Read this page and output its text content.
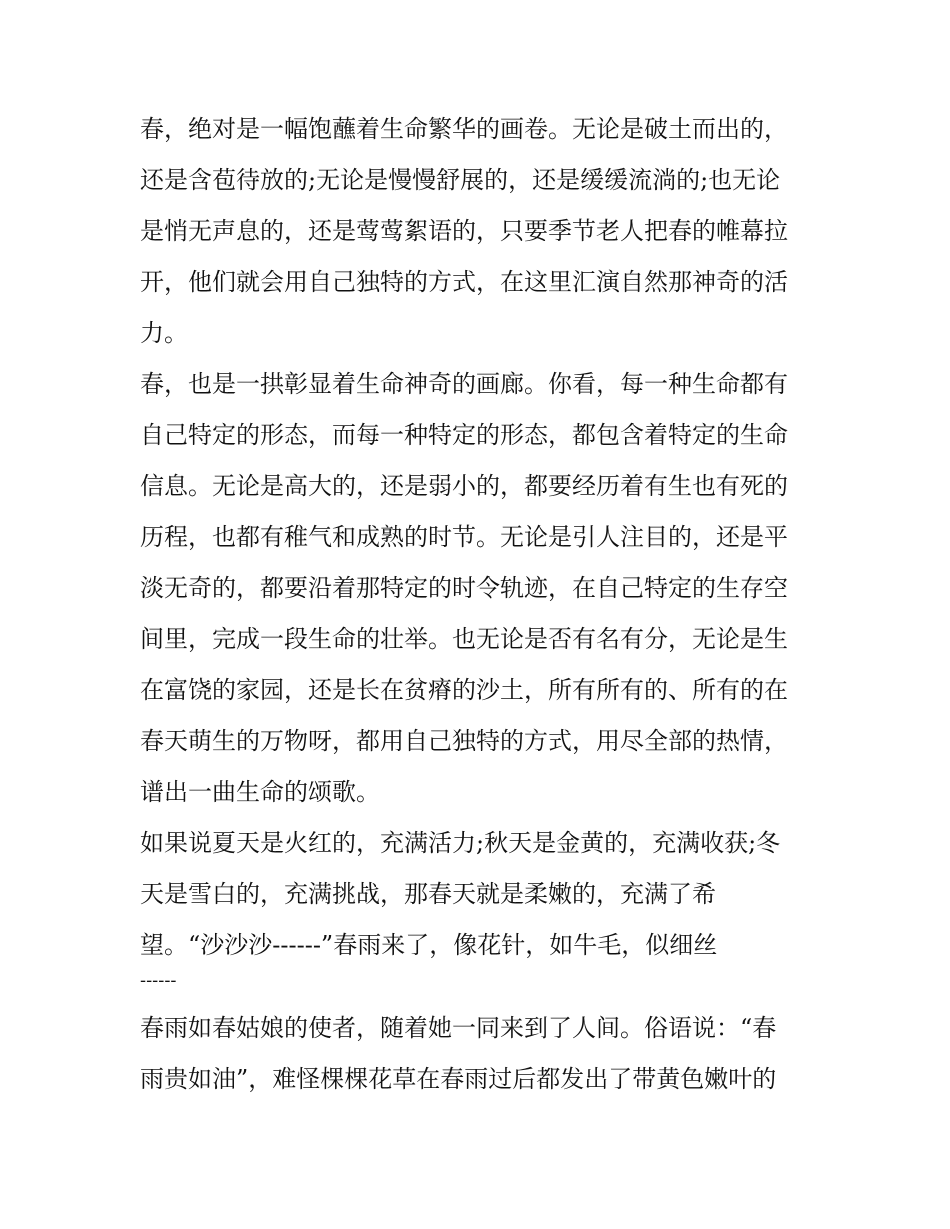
春，绝对是一幅饱蘸着生命繁华的画卷。无论是破土而出的，
还是含苞待放的;无论是慢慢舒展的，还是缓缓流淌的;也无论
是悄无声息的，还是莺莺絮语的，只要季节老人把春的帷幕拉
开，他们就会用自己独特的方式，在这里汇演自然那神奇的活
力。
春，也是一拱彰显着生命神奇的画廊。你看，每一种生命都有
自己特定的形态，而每一种特定的形态，都包含着特定的生命
信息。无论是高大的，还是弱小的，都要经历着有生也有死的
历程，也都有稚气和成熟的时节。无论是引人注目的，还是平
淡无奇的，都要沿着那特定的时令轨迹，在自己特定的生存空
间里，完成一段生命的壮举。也无论是否有名有分，无论是生
在富饶的家园，还是长在贫瘠的沙土，所有所有的、所有的在
春天萌生的万物呀，都用自己独特的方式，用尽全部的热情，
谱出一曲生命的颂歌。
如果说夏天是火红的，充满活力;秋天是金黄的，充满收获;冬
天是雪白的，充满挑战，那春天就是柔嫩的，充满了希
望。“沙沙沙------”春雨来了，像花针，如牛毛，似细丝
------
春雨如春姑娘的使者，随着她一同来到了人间。俗语说：“春
雨贵如油”，难怪棵棵花草在春雨过后都发出了带黄色嫩叶的
